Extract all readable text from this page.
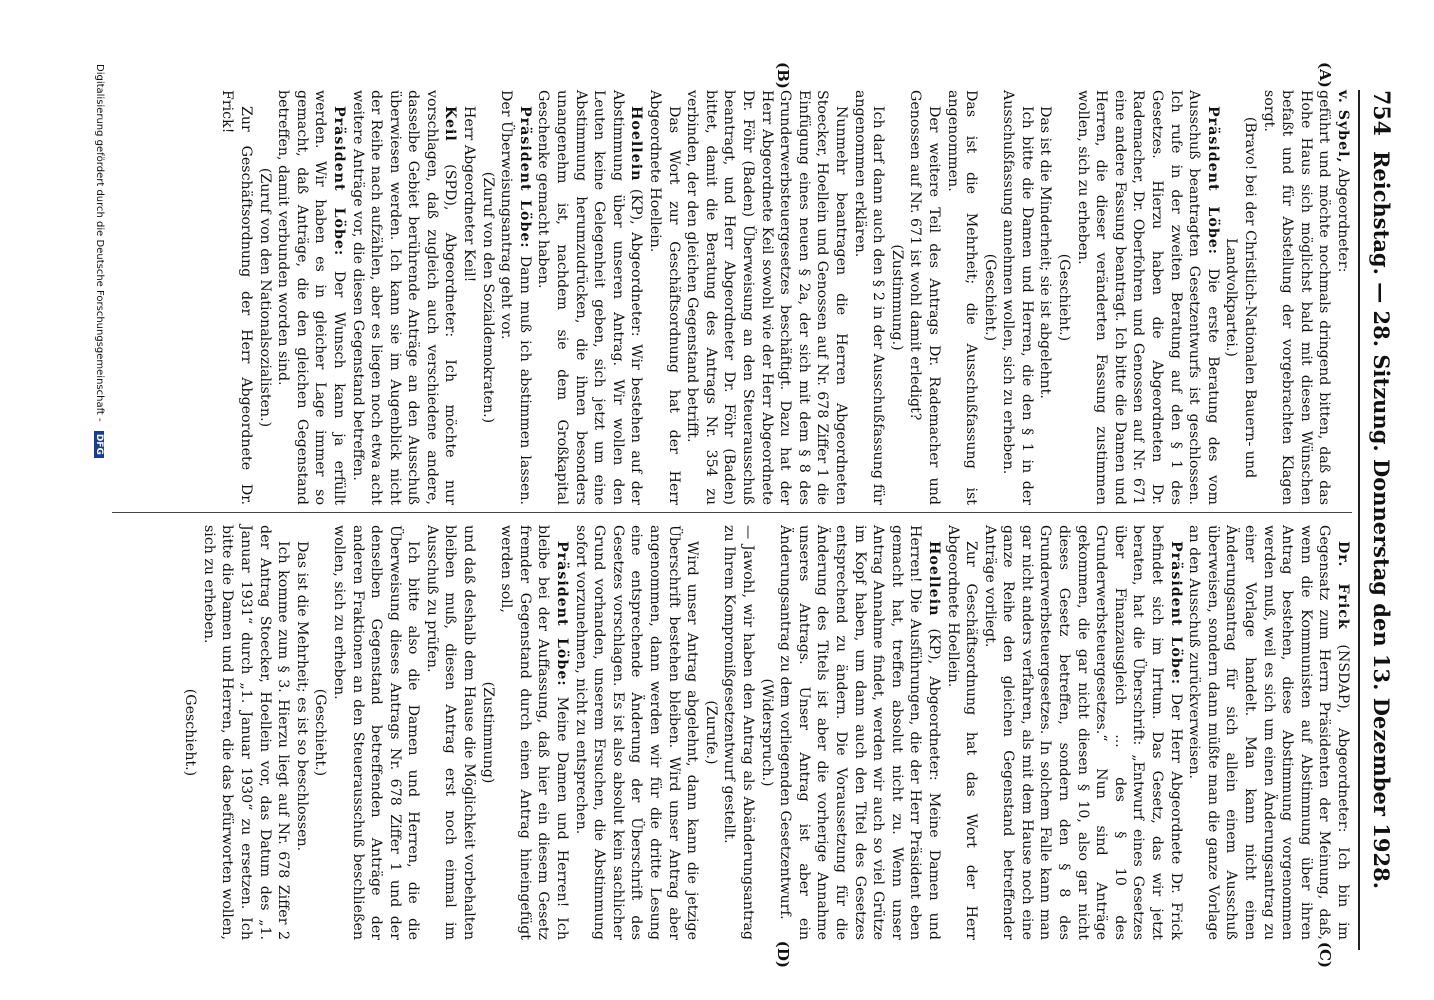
754
Reichstag. — 28. Sitzung. Donnerstag den 13. Dezember 1928.
(A)
(B)

v. Sybel, Abgeordneter:

geführt und möchte nochmals dringend bitten, daß das Hohe Haus sich möglichst bald mit diesen Wünschen befaßt und für Abstellung der vorgebrachten Klagen sorgt.

(Bravo! bei der Christlich-Nationalen Bauern- und Landvolkpartei.)

Präsident Löbe: Die erste Beratung des vom Ausschuß beantragten Gesetzentwurfs ist geschlossen. Ich rufe in der zweiten Beratung auf den § 1 des Gesetzes. Hierzu haben die Abgeordneten Dr. Rademacher, Dr. Oberfohren und Genossen auf Nr. 671 eine andere Fassung beantragt. Ich bitte die Damen und Herren, die dieser veränderten Fassung zustimmen wollen, sich zu erheben.

(Geschieht.)

Das ist die Minderheit; sie ist abgelehnt.

Ich bitte die Damen und Herren, die den § 1 in der Ausschußfassung annehmen wollen, sich zu erheben.

(Geschieht.)

Das ist die Mehrheit; die Ausschußfassung ist angenommen.

Der weitere Teil des Antrags Dr. Rademacher und Genossen auf Nr. 671 ist wohl damit erledigt?

(Zustimmung.)

Ich darf dann auch den § 2 in der Ausschußfassung für angenommen erklären.

Nunmehr beantragen die Herren Abgeordneten Stoecker, Hoellein und Genossen auf Nr. 678 Ziffer 1 die Einfügung eines neuen § 2a, der sich mit dem § 8 des Grunderwerbsteuergesetzes beschäftigt. Dazu hat der Herr Abgeordnete Keil sowohl wie der Herr Abgeordnete Dr. Föhr (Baden) Überweisung an den Steuerausschuß beantragt, und Herr Abgeordneter Dr. Föhr (Baden) bittet, damit die Beratung des Antrags Nr. 354 zu verbinden, der den gleichen Gegenstand betrifft.

Das Wort zur Geschäftsordnung hat der Herr Abgeordnete Hoellein.

Hoellein (KP), Abgeordneter: Wir bestehen auf der Abstimmung über unseren Antrag. Wir wollen den Leuten keine Gelegenheit geben, sich jetzt um eine Abstimmung herumzudrücken, die ihnen besonders unangenehm ist, nachdem sie dem Großkapital Geschenke gemacht haben.

Präsident Löbe: Dann muß ich abstimmen lassen. Der Überweisungsantrag geht vor.

(Zuruf von den Sozialdemokraten.)

Herr Abgeordneter Keil!

Keil (SPD), Abgeordneter: Ich möchte nur vorschlagen, daß zugleich auch verschiedene andere, dasselbe Gebiet berührende Anträge an den Ausschuß überwiesen werden. Ich kann sie im Augenblick nicht der Reihe nach aufzählen, aber es liegen noch etwa acht weitere Anträge vor, die diesen Gegenstand betreffen.

Präsident Löbe: Der Wunsch kann ja erfüllt werden. Wir haben es in gleicher Lage immer so gemacht, daß Anträge, die den gleichen Gegenstand betreffen, damit verbunden worden sind.

(Zuruf von den Nationalsozialisten.)

Zur Geschäftsordnung der Herr Abgeordnete Dr. Frick!

(C)
(D)

Dr. Frick (NSDAP), Abgeordneter: Ich bin im Gegensatz zum Herrn Präsidenten der Meinung, daß, wenn die Kommunisten auf Abstimmung über ihren Antrag bestehen, diese Abstimmung vorgenommen werden muß, weil es sich um einen Änderungsantrag zu einer Vorlage handelt. Man kann nicht einen Änderungsantrag für sich allein einem Ausschuß überweisen, sondern dann müßte man die ganze Vorlage an den Ausschuß zurückverweisen.

Präsident Löbe: Der Herr Abgeordnete Dr. Frick befindet sich im Irrtum. Das Gesetz, das wir jetzt beraten, hat die Überschrift: „Entwurf eines Gesetzes über Finanzausgleich ... des § 10 des Grunderwerbsteuergesetzes.“ Nun sind Anträge gekommen, die gar nicht diesen § 10, also gar nicht dieses Gesetz betreffen, sondern den § 8 des Grunderwerbsteuergesetzes. In solchem Falle kann man gar nicht anders verfahren, als mit dem Hause noch eine ganze Reihe den gleichen Gegenstand betreffender Anträge vorliegt.

Zur Geschäftsordnung hat das Wort der Herr Abgeordnete Hoellein.

Hoellein (KP), Abgeordneter: Meine Damen und Herren! Die Ausführungen, die der Herr Präsident eben gemacht hat, treffen absolut nicht zu. Wenn unser Antrag Annahme findet, werden wir auch so viel Grütze im Kopf haben, um dann auch den Titel des Gesetzes entsprechend zu ändern. Die Voraussetzung für die Änderung des Titels ist aber die vorherige Annahme unseres Antrags. Unser Antrag ist aber ein Änderungsantrag zu dem vorliegenden Gesetzentwurf.

(Widerspruch.)

— Jawohl, wir haben den Antrag als Abänderungsantrag zu Ihrem Kompromißgesetzentwurf gestellt.

(Zurufe.)

Wird unser Antrag abgelehnt, dann kann die jetzige Überschrift bestehen bleiben. Wird unser Antrag aber angenommen, dann werden wir für die dritte Lesung eine entsprechende Änderung der Überschrift des Gesetzes vorschlagen. Es ist also absolut kein sachlicher Grund vorhanden, unserem Ersuchen, die Abstimmung sofort vorzunehmen, nicht zu entsprechen.

Präsident Löbe: Meine Damen und Herren! Ich bleibe bei der Auffassung, daß hier ein diesem Gesetz fremder Gegenstand durch einen Antrag hineingefügt werden soll,

(Zustimmung)

und daß deshalb dem Hause die Möglichkeit vorbehalten bleiben muß, diesen Antrag erst noch einmal im Ausschuß zu prüfen.

Ich bitte also die Damen und Herren, die die Überweisung dieses Antrags Nr. 678 Ziffer 1 und der denselben Gegenstand betreffenden Anträge der anderen Fraktionen an den Steuerausschuß beschließen wollen, sich zu erheben.

(Geschieht.)

Das ist die Mehrheit; es ist so beschlossen.

Ich komme zum § 3. Hierzu liegt auf Nr. 678 Ziffer 2 der Antrag Stoecker, Hoellein vor, das Datum des „1. Januar 1931“ durch „1. Januar 1930“ zu ersetzen. Ich bitte die Damen und Herren, die das befürworten wollen, sich zu erheben.

(Geschieht.)

Digitalisierung gefördert durch die Deutsche Forschungsgemeinschaft - DFG
